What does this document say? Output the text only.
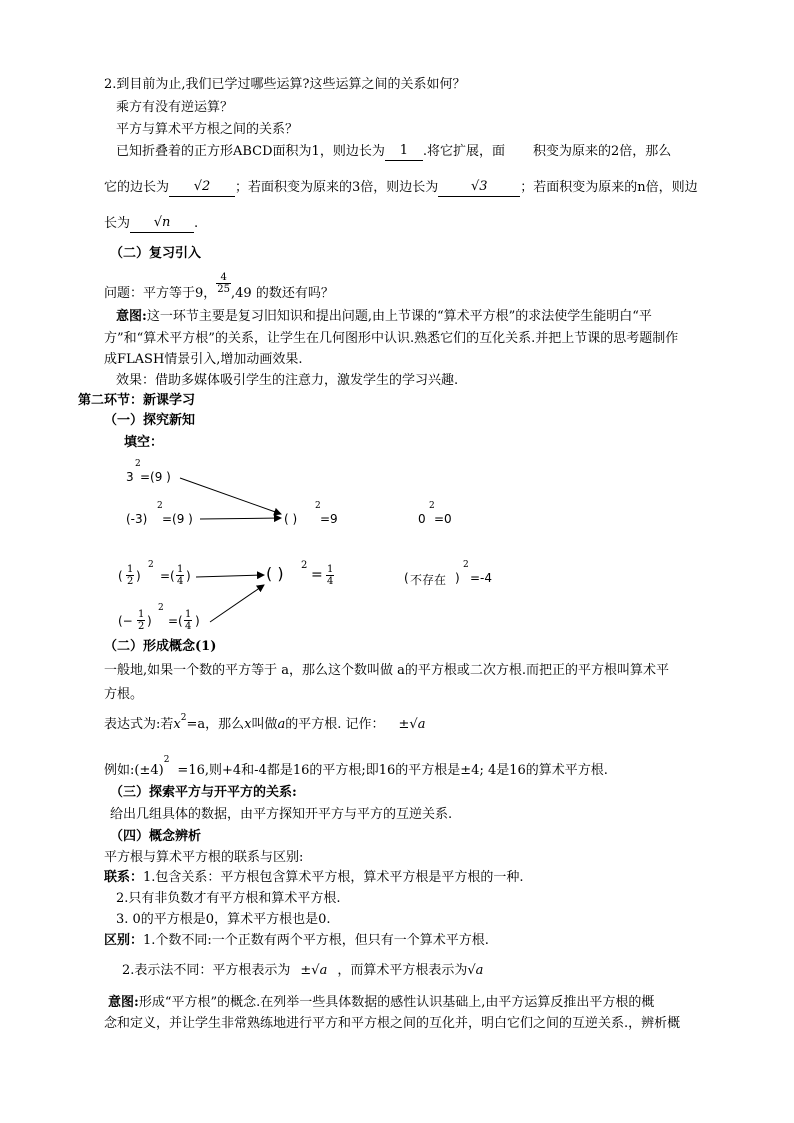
2.到目前为止,我们已学过哪些运算?这些运算之间的关系如何？
乘方有没有逆运算？
平方与算术平方根之间的关系？
已知折叠着的正方形ABCD面积为1，则边长为 1 .将它扩展，面 积变为原来的2倍，那么
它的边长为 √2 ；若面积变为原来的3倍，则边长为	√3	；若面积变为原来的n倍，则边
长为 √n .
（二）复习引入
问题：平方等于9， $\frac{4}{25} ,49$ 的数还有吗？
意图:这一环节主要是复习旧知识和提出问题,由上节课的“算术平方根”的求法使学生能明白“平
方”和“算术平方根”的关系，让学生在几何图形中认识.熟悉它们的互化关系.并把上节课的思考题制作
成FLASH情景引入,增加动画效果.
效果：借助多媒体吸引学生的注意力，激发学生的学习兴趣.
第二环节：新课学习
（一）探究新知
填空：
3
2
=(9 )
(-3)
2
=(9 )	( )
2
=9	0
2
=0
( $\frac{1}{2}$ )
2
=( $\frac{1}{4}$ )	( ) 2
= $\frac{1}{4}$	( 不存在 )
2
=-4
(− $\frac{1}{2}$ )
2
=( $\frac{1}{4}$ )
（二）形成概念(1)
一般地,如果一个数的平方等于 a，那么这个数叫做 a的平方根或二次方根.而把正的平方根叫算术平
方根。
表达式为:若$x^2=a$，那么x叫做a的平方根. 记作： ±√a
例如$:(\pm 4)^2=16$,则+4和-4都是16的平方根;即16的平方根是±4; 4是16的算术平方根.
（三）探索平方与开平方的关系:
给出几组具体的数据，由平方探知开平方与平方的互逆关系.
（四）概念辨析
平方根与算术平方根的联系与区别:
联系：1.包含关系：平方根包含算术平方根，算术平方根是平方根的一种.
2.只有非负数才有平方根和算术平方根.
3. 0的平方根是0，算术平方根也是0.
区别：1.个数不同:一个正数有两个平方根，但只有一个算术平方根.
2.表示法不同：平方根表示为 ±√a ，而算术平方根表示为√a
意图:形成“平方根”的概念.在列举一些具体数据的感性认识基础上,由平方运算反推出平方根的概
念和定义，并让学生非常熟练地进行平方和平方根之间的互化并，明白它们之间的互逆关系.，辨析概
